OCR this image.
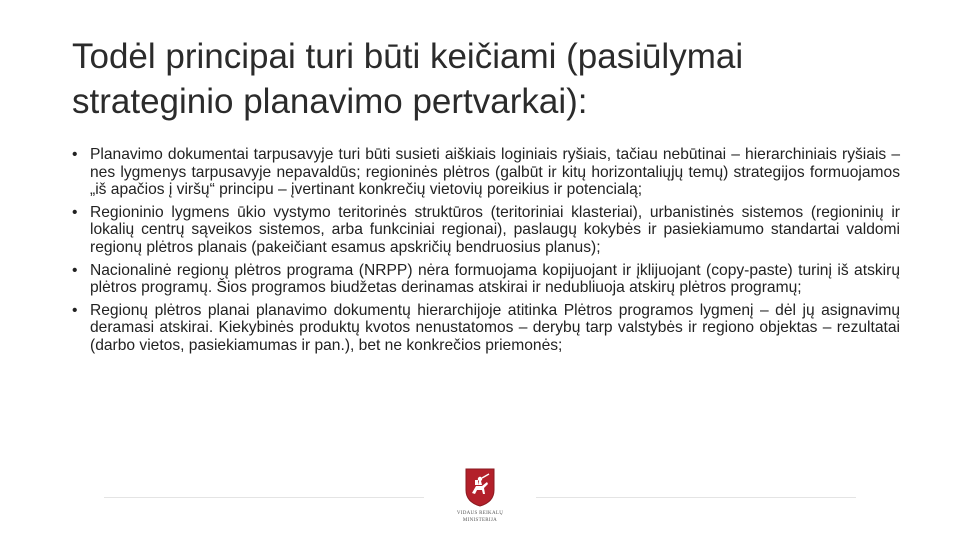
Todėl principai turi būti keičiami (pasiūlymai strateginio planavimo pertvarkai):
• Planavimo dokumentai tarpusavyje turi būti susieti aiškiais loginiais ryšiais, tačiau nebūtinai – hierarchiniais ryšiais – nes lygmenys tarpusavyje nepavaldūs; regioninės plėtros (galbūt ir kitų horizontaliųjų temų) strategijos formuojamos „iš apačios į viršų“ principu – įvertinant konkrečių vietovių poreikius ir potencialą;
• Regioninio lygmens ūkio vystymo teritorinės struktūros (teritoriniai klasteriai), urbanistinės sistemos (regioninių ir lokalių centrų sąveikos sistemos, arba funkciniai regionai), paslaugų kokybės ir pasiekiamumo standartai valdomi regionų plėtros planais (pakeičiant esamus apskričių bendruosius planus);
• Nacionalinė regionų plėtros programa (NRPP) nėra formuojama kopijuojant ir įklijuojant (copy-paste) turinį iš atskirų plėtros programų. Šios programos biudžetas derinamas atskirai ir nedubliuoja atskirų plėtros programų;
• Regionų plėtros planai planavimo dokumentų hierarchijoje atitinka Plėtros programos lygmenį – dėl jų asignavimų deramasi atskirai. Kiekybinės produktų kvotos nenustatomos – derybų tarp valstybės ir regiono objektas – rezultatai (darbo vietos, pasiekiamumas ir pan.), bet ne konkrečios priemonės;
VIDAUS REIKALŲ
MINISTERIJA
